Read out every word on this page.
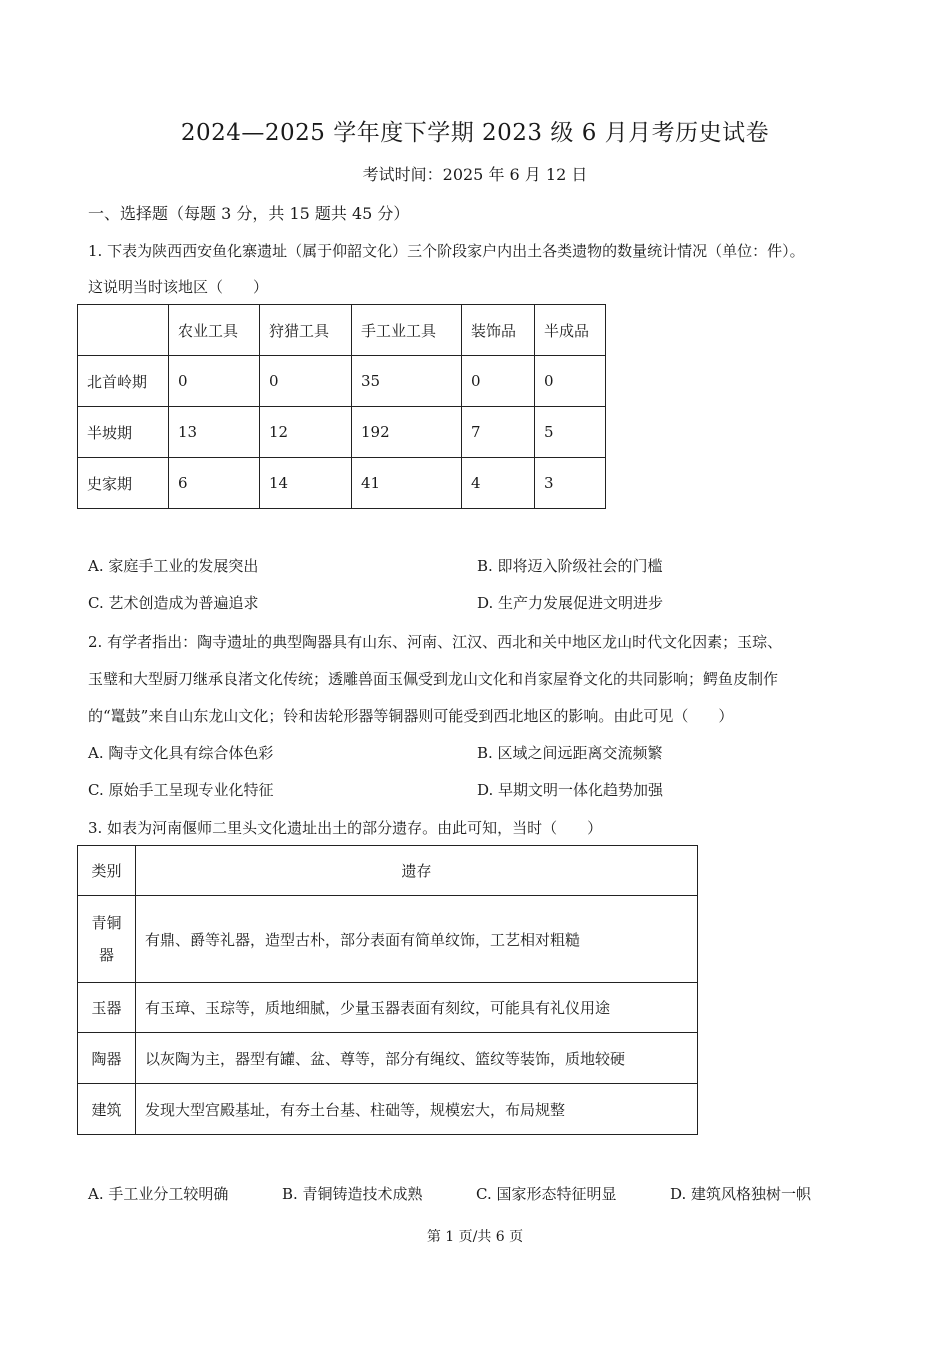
2024—2025 学年度下学期 2023 级 6 月月考历史试卷
考试时间：2025 年 6 月 12 日
一、选择题（每题 3 分，共 15 题共 45 分）
1. 下表为陕西西安鱼化寨遗址（属于仰韶文化）三个阶段家户内出土各类遗物的数量统计情况（单位：件）。
这说明当时该地区（　　）
	农业工具	狩猎工具	手工业工具	装饰品	半成品
北首岭期	0	0	35	0	0
半坡期	13	12	192	7	5
史家期	6	14	41	4	3
A. 家庭手工业的发展突出	B. 即将迈入阶级社会的门槛
C. 艺术创造成为普遍追求	D. 生产力发展促进文明进步
2. 有学者指出：陶寺遗址的典型陶器具有山东、河南、江汉、西北和关中地区龙山时代文化因素；玉琮、
玉璧和大型厨刀继承良渚文化传统；透雕兽面玉佩受到龙山文化和肖家屋脊文化的共同影响；鳄鱼皮制作
的“鼍鼓”来自山东龙山文化；铃和齿轮形器等铜器则可能受到西北地区的影响。由此可见（　　）
A. 陶寺文化具有综合体色彩	B. 区域之间远距离交流频繁
C. 原始手工呈现专业化特征	D. 早期文明一体化趋势加强
3. 如表为河南偃师二里头文化遗址出土的部分遗存。由此可知，当时（　　）
类别	遗存

青铜
器	有鼎、爵等礼器，造型古朴，部分表面有简单纹饰，工艺相对粗糙
玉器	有玉璋、玉琮等，质地细腻，少量玉器表面有刻纹，可能具有礼仪用途
陶器	以灰陶为主，器型有罐、盆、尊等，部分有绳纹、篮纹等装饰，质地较硬
建筑	发现大型宫殿基址，有夯土台基、柱础等，规模宏大，布局规整
A. 手工业分工较明确	B. 青铜铸造技术成熟	C. 国家形态特征明显	D. 建筑风格独树一帜
第 1 页/共 6 页
